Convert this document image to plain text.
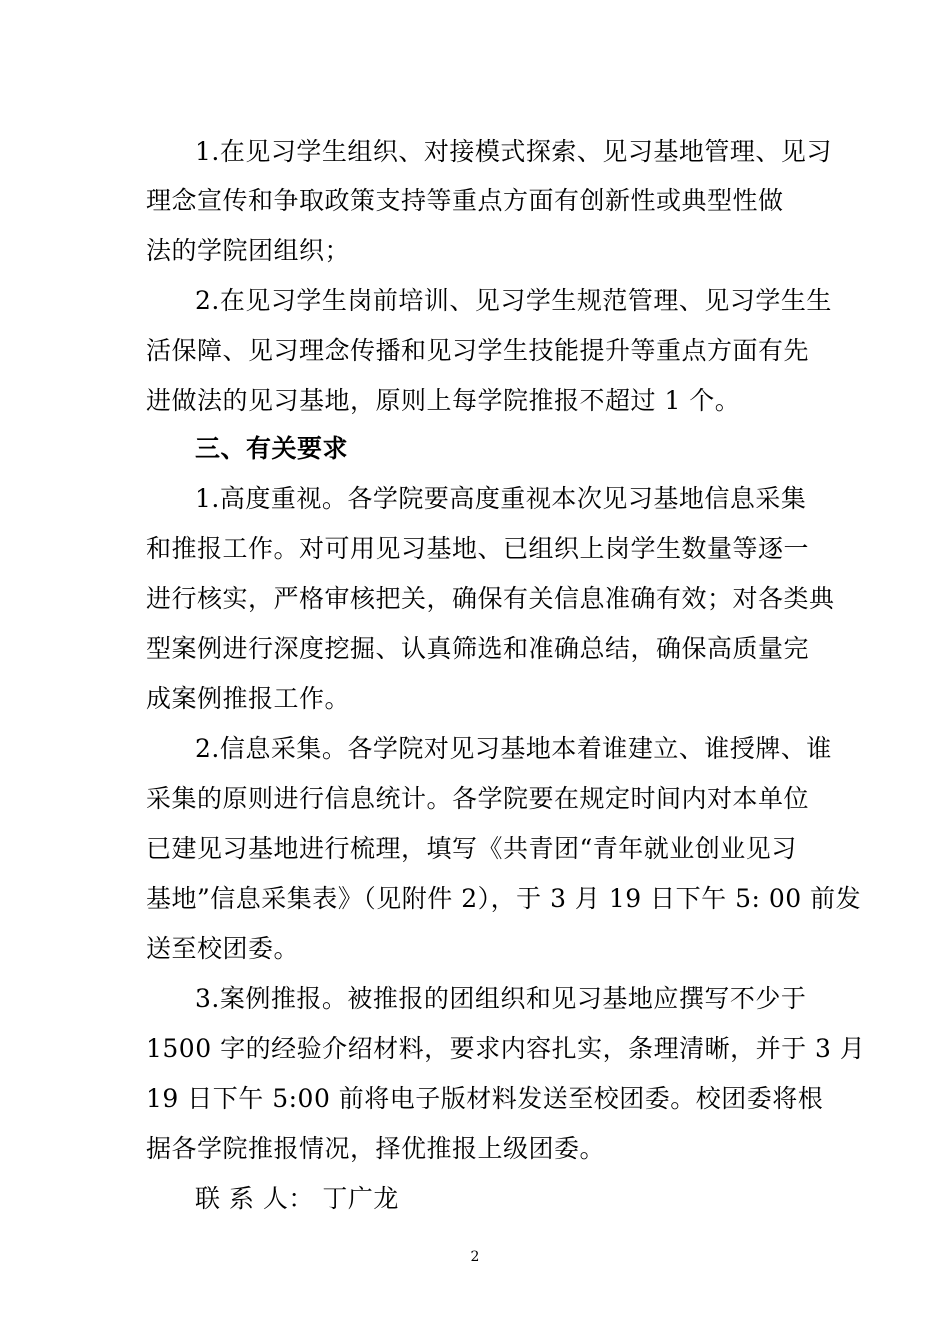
1.在见习学生组织、对接模式探索、见习基地管理、见习
理念宣传和争取政策支持等重点方面有创新性或典型性做
法的学院团组织；
2.在见习学生岗前培训、见习学生规范管理、见习学生生
活保障、见习理念传播和见习学生技能提升等重点方面有先
进做法的见习基地，原则上每学院推报不超过 1 个。
三、有关要求
1.高度重视。各学院要高度重视本次见习基地信息采集
和推报工作。对可用见习基地、已组织上岗学生数量等逐一
进行核实，严格审核把关，确保有关信息准确有效；对各类典
型案例进行深度挖掘、认真筛选和准确总结，确保高质量完
成案例推报工作。
2.信息采集。各学院对见习基地本着谁建立、谁授牌、谁
采集的原则进行信息统计。各学院要在规定时间内对本单位
已建见习基地进行梳理，填写《共青团“青年就业创业见习
基地”信息采集表》（见附件 2），于 3 月 19 日下午 5: 00 前发
送至校团委。
3.案例推报。被推报的团组织和见习基地应撰写不少于
1500 字的经验介绍材料，要求内容扎实，条理清晰，并于 3 月
19 日下午 5:00 前将电子版材料发送至校团委。校团委将根
据各学院推报情况，择优推报上级团委。
联 系 人： 丁广龙
2
